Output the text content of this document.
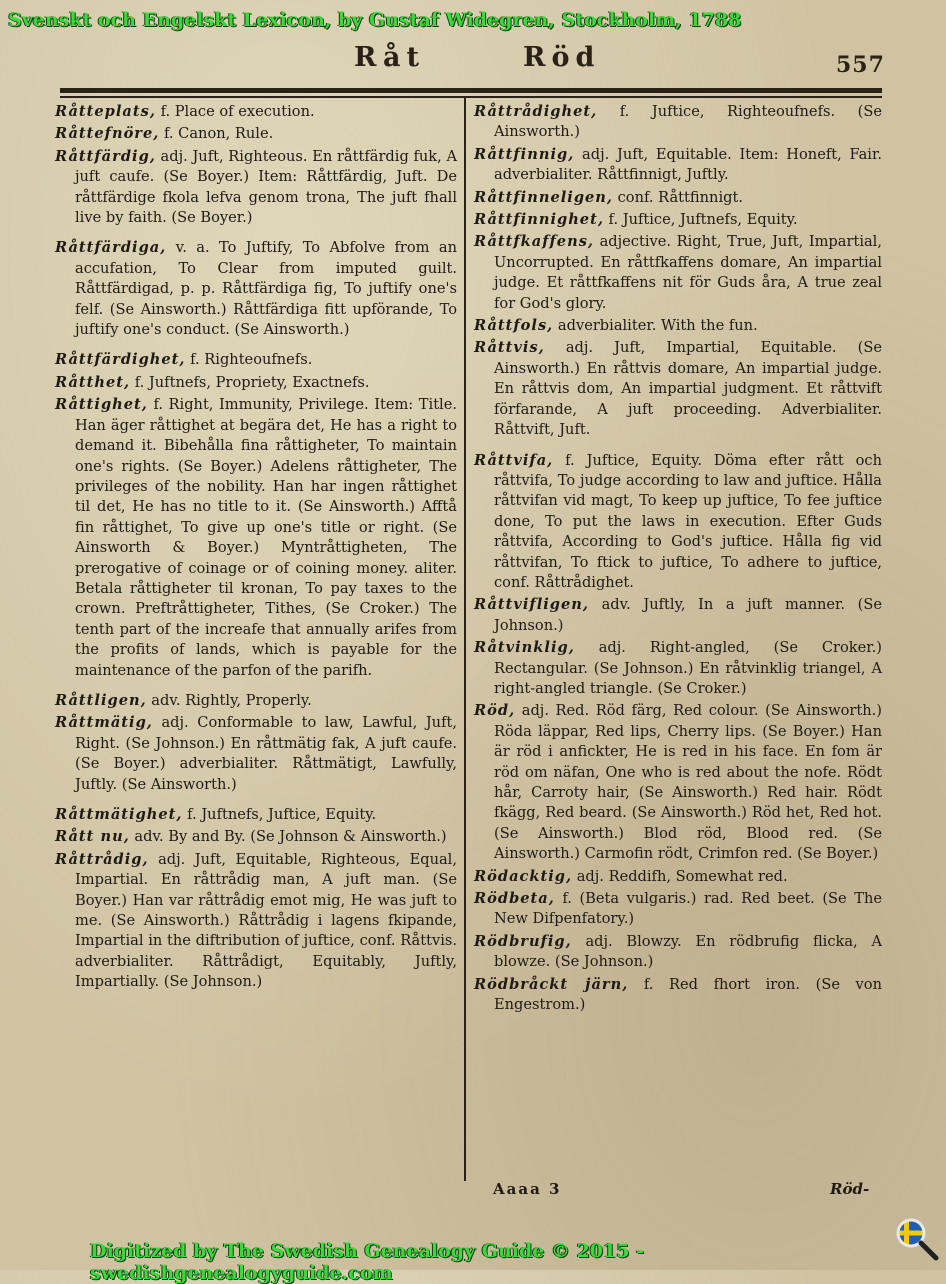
Svenskt och Engelskt Lexicon, by Gustaf Widegren, Stockholm, 1788
Råt	Röd	557

Råtteplats, f. Place of execution.

Råttefnöre, f. Canon, Rule.

Råttfärdig, adj. Juft, Righteous. En råttfärdig fuk, A juft caufe. (Se Boyer.) Item: Råttfärdig, Juft. De råttfärdige fkola lefva genom trona, The juft fhall live by faith. (Se Boyer.)

Råttfärdiga, v. a. To Juftify, To Abfolve from an accufation, To Clear from imputed guilt. Råttfärdigad, p. p. Råttfärdiga fig, To juftify one's felf. (Se Ainsworth.) Råttfärdiga fitt upförande, To juftify one's conduct. (Se Ainsworth.)

Råttfärdighet, f. Righteoufnefs.

Råtthet, f. Juftnefs, Propriety, Exactnefs.

Råttighet, f. Right, Immunity, Privilege. Item: Title. Han äger råttighet at begära det, He has a right to demand it. Bibehålla fina råttigheter, To maintain one's rights. (Se Boyer.) Adelens råttigheter, The privileges of the nobility. Han har ingen råttighet til det, He has no title to it. (Se Ainsworth.) Afftå fin råttighet, To give up one's title or right. (Se Ainsworth & Boyer.) Myntråttigheten, The prerogative of coinage or of coining money. aliter. Betala råttigheter til kronan, To pay taxes to the crown. Preftråttigheter, Tithes, (Se Croker.) The tenth part of the increafe that annually arifes from the profits of lands, which is payable for the maintenance of the parfon of the parifh.

Råttligen, adv. Rightly, Properly.

Råttmätig, adj. Conformable to law, Lawful, Juft, Right. (Se Johnson.) En råttmätig fak, A juft caufe. (Se Boyer.) adverbialiter. Råttmätigt, Lawfully, Juftly. (Se Ainsworth.)

Råttmätighet, f. Juftnefs, Juftice, Equity.

Rått nu, adv. By and By. (Se Johnson & Ainsworth.)

Råttrådig, adj. Juft, Equitable, Righteous, Equal, Impartial. En råttrådig man, A juft man. (Se Boyer.) Han var råttrådig emot mig, He was juft to me. (Se Ainsworth.) Råttrådig i lagens fkipande, Impartial in the diftribution of juftice, conf. Råttvis. adverbialiter. Råttrådigt, Equitably, Juftly, Impartially. (Se Johnson.)

Råttrådighet, f. Juftice, Righteoufnefs. (Se Ainsworth.)

Råttfinnig, adj. Juft, Equitable. Item: Honeft, Fair. adverbialiter. Råttfinnigt, Juftly.

Råttfinneligen, conf. Råttfinnigt.

Råttfinnighet, f. Juftice, Juftnefs, Equity.

Råttfkaffens, adjective. Right, True, Juft, Impartial, Uncorrupted. En råttfkaffens domare, An impartial judge. Et råttfkaffens nit för Guds åra, A true zeal for God's glory.

Råttfols, adverbialiter. With the fun.

Råttvis, adj. Juft, Impartial, Equitable. (Se Ainsworth.) En råttvis domare, An impartial judge. En råttvis dom, An impartial judgment. Et råttvift förfarande, A juft proceeding. Adverbialiter. Råttvift, Juft.

Råttvifa, f. Juftice, Equity. Döma efter rått och råttvifa, To judge according to law and juftice. Hålla råttvifan vid magt, To keep up juftice, To fee juftice done, To put the laws in execution. Efter Guds råttvifa, According to God's juftice. Hålla fig vid råttvifan, To ftick to juftice, To adhere to juftice, conf. Råttrådighet.

Råttvifligen, adv. Juftly, In a juft manner. (Se Johnson.)

Råtvinklig, adj. Right-angled, (Se Croker.) Rectangular. (Se Johnson.) En råtvinklig triangel, A right-angled triangle. (Se Croker.)

Röd, adj. Red. Röd färg, Red colour. (Se Ainsworth.) Röda läppar, Red lips, Cherry lips. (Se Boyer.) Han är röd i anfickter, He is red in his face. En fom är röd om näfan, One who is red about the nofe. Rödt hår, Carroty hair, (Se Ainsworth.) Red hair. Rödt fkägg, Red beard. (Se Ainsworth.) Röd het, Red hot. (Se Ainsworth.) Blod röd, Blood red. (Se Ainsworth.) Carmofin rödt, Crimfon red. (Se Boyer.)

Rödacktig, adj. Reddifh, Somewhat red.

Rödbeta, f. (Beta vulgaris.) rad. Red beet. (Se The New Difpenfatory.)

Rödbrufig, adj. Blowzy. En rödbrufig flicka, A blowze. (Se Johnson.)

Rödbråckt järn, f. Red fhort iron. (Se von Engestrom.)

Aaaa 3	Röd-
Digitized by The Swedish Genealogy Guide © 2015 - swedishgenealogyguide.com
